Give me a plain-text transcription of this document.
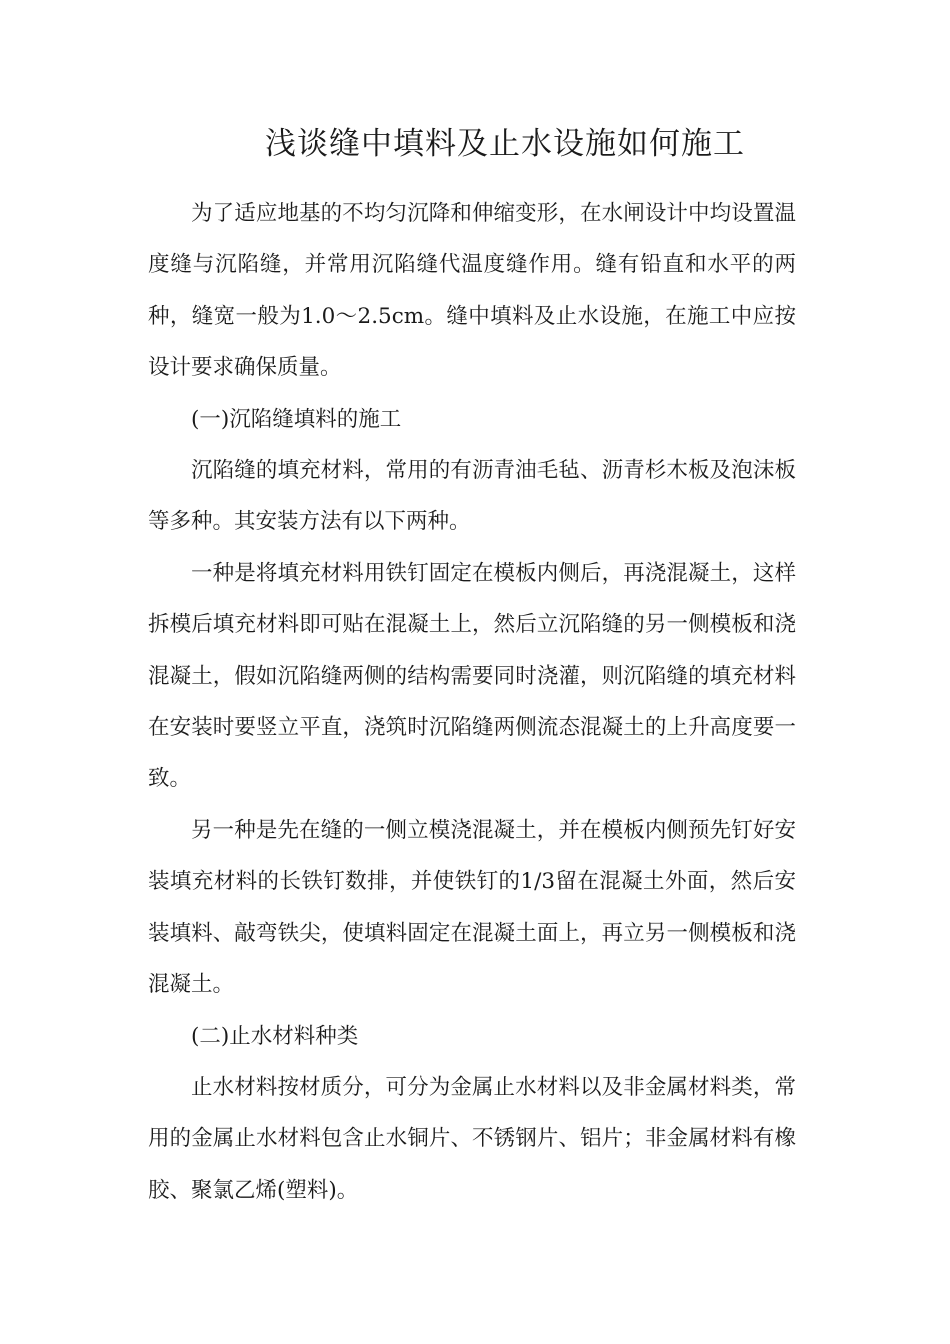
浅谈缝中填料及止水设施如何施工

为了适应地基的不均匀沉降和伸缩变形，在水闸设计中均设置温度缝与沉陷缝，并常用沉陷缝代温度缝作用。缝有铅直和水平的两种，缝宽一般为1.0～2.5cm。缝中填料及止水设施，在施工中应按设计要求确保质量。

(一)沉陷缝填料的施工

沉陷缝的填充材料，常用的有沥青油毛毡、沥青杉木板及泡沫板等多种。其安装方法有以下两种。

一种是将填充材料用铁钉固定在模板内侧后，再浇混凝土，这样拆模后填充材料即可贴在混凝土上，然后立沉陷缝的另一侧模板和浇混凝土，假如沉陷缝两侧的结构需要同时浇灌，则沉陷缝的填充材料在安装时要竖立平直，浇筑时沉陷缝两侧流态混凝土的上升高度要一致。

另一种是先在缝的一侧立模浇混凝土，并在模板内侧预先钉好安装填充材料的长铁钉数排，并使铁钉的1/3留在混凝土外面，然后安装填料、敲弯铁尖，使填料固定在混凝土面上，再立另一侧模板和浇混凝土。

(二)止水材料种类

止水材料按材质分，可分为金属止水材料以及非金属材料类，常用的金属止水材料包含止水铜片、不锈钢片、铝片；非金属材料有橡胶、聚氯乙烯(塑料)。
